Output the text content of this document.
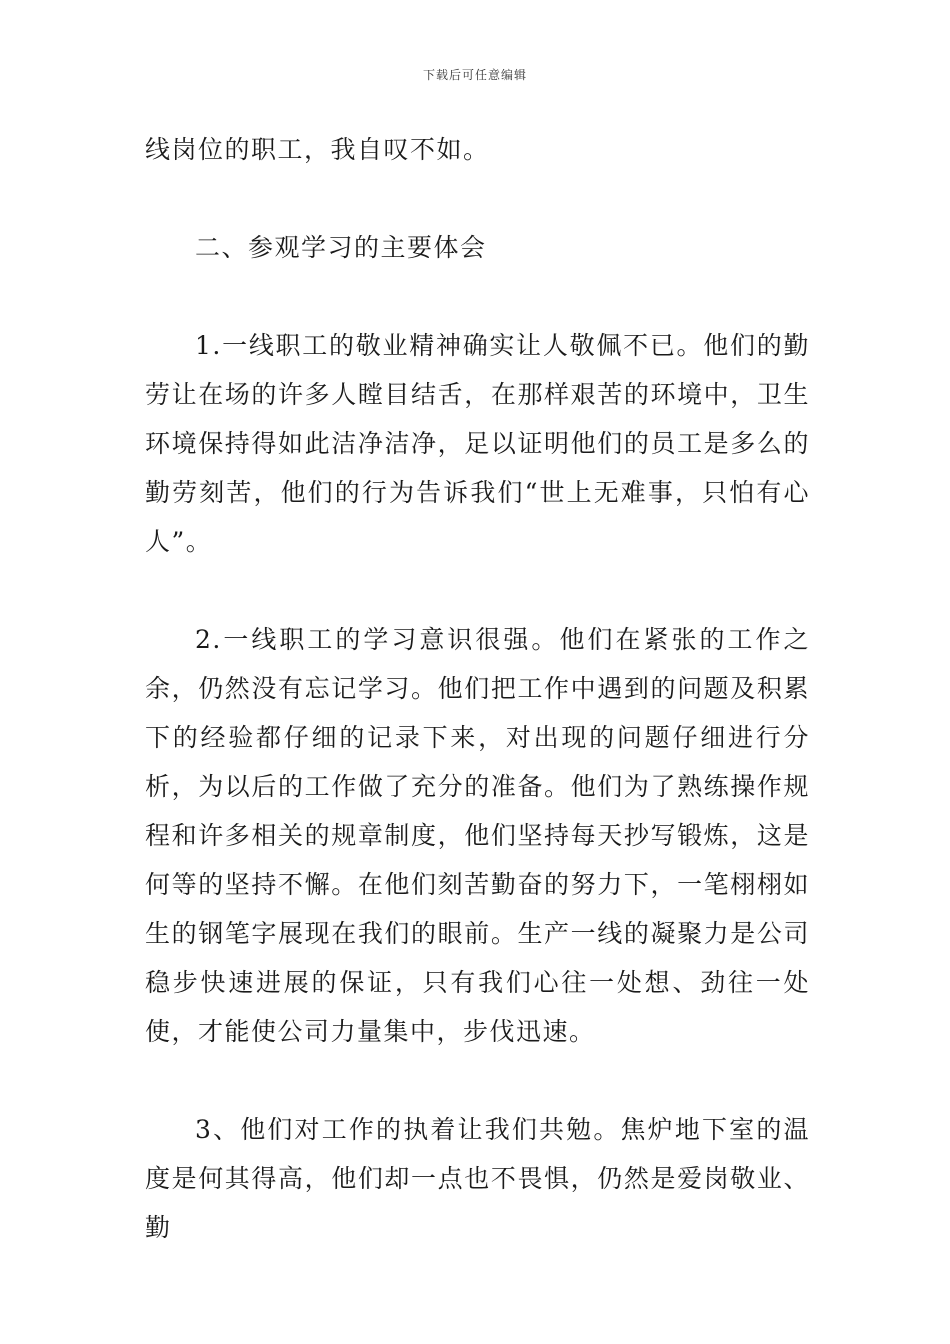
下载后可任意编辑

线岗位的职工，我自叹不如。

二、参观学习的主要体会

1.一线职工的敬业精神确实让人敬佩不已。他们的勤劳让在场的许多人瞠目结舌，在那样艰苦的环境中，卫生环境保持得如此洁净洁净，足以证明他们的员工是多么的勤劳刻苦，他们的行为告诉我们“世上无难事，只怕有心人”。

2.一线职工的学习意识很强。他们在紧张的工作之余，仍然没有忘记学习。他们把工作中遇到的问题及积累下的经验都仔细的记录下来，对出现的问题仔细进行分析，为以后的工作做了充分的准备。他们为了熟练操作规程和许多相关的规章制度，他们坚持每天抄写锻炼，这是何等的坚持不懈。在他们刻苦勤奋的努力下，一笔栩栩如生的钢笔字展现在我们的眼前。生产一线的凝聚力是公司稳步快速进展的保证，只有我们心往一处想、劲往一处使，才能使公司力量集中，步伐迅速。

3、他们对工作的执着让我们共勉。焦炉地下室的温度是何其得高，他们却一点也不畏惧，仍然是爱岗敬业、勤
